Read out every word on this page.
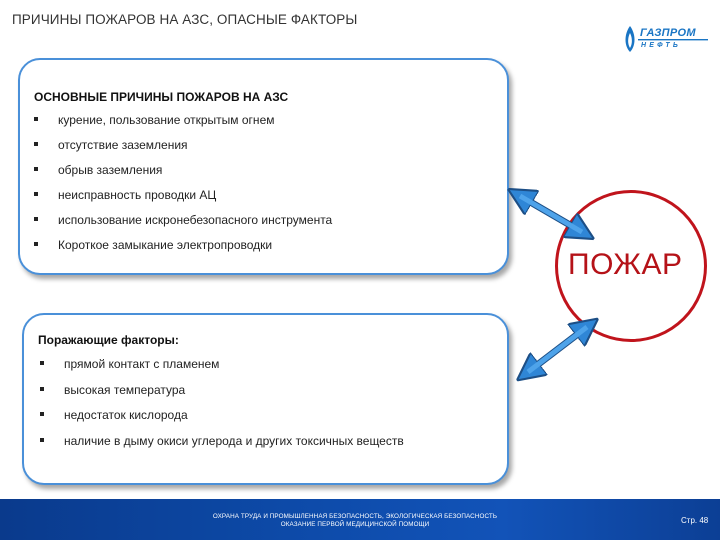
ПРИЧИНЫ ПОЖАРОВ НА АЗС, ОПАСНЫЕ ФАКТОРЫ
ГАЗПРОМ
НЕФТЬ
ОСНОВНЫЕ ПРИЧИНЫ ПОЖАРОВ НА АЗС
курение, пользование открытым огнем
отсутствие заземления
обрыв заземления
неисправность проводки АЦ
использование искронебезопасного инструмента
Короткое замыкание электропроводки
Поражающие факторы:
прямой контакт с пламенем
высокая температура
недостаток кислорода
наличие в дыму окиси углерода и других токсичных веществ
ПОЖАР
ОХРАНА ТРУДА И ПРОМЫШЛЕННАЯ БЕЗОПАСНОСТЬ, ЭКОЛОГИЧЕСКАЯ БЕЗОПАСНОСТЬ
ОКАЗАНИЕ ПЕРВОЙ МЕДИЦИНСКОЙ ПОМОЩИ	Стр. 48
